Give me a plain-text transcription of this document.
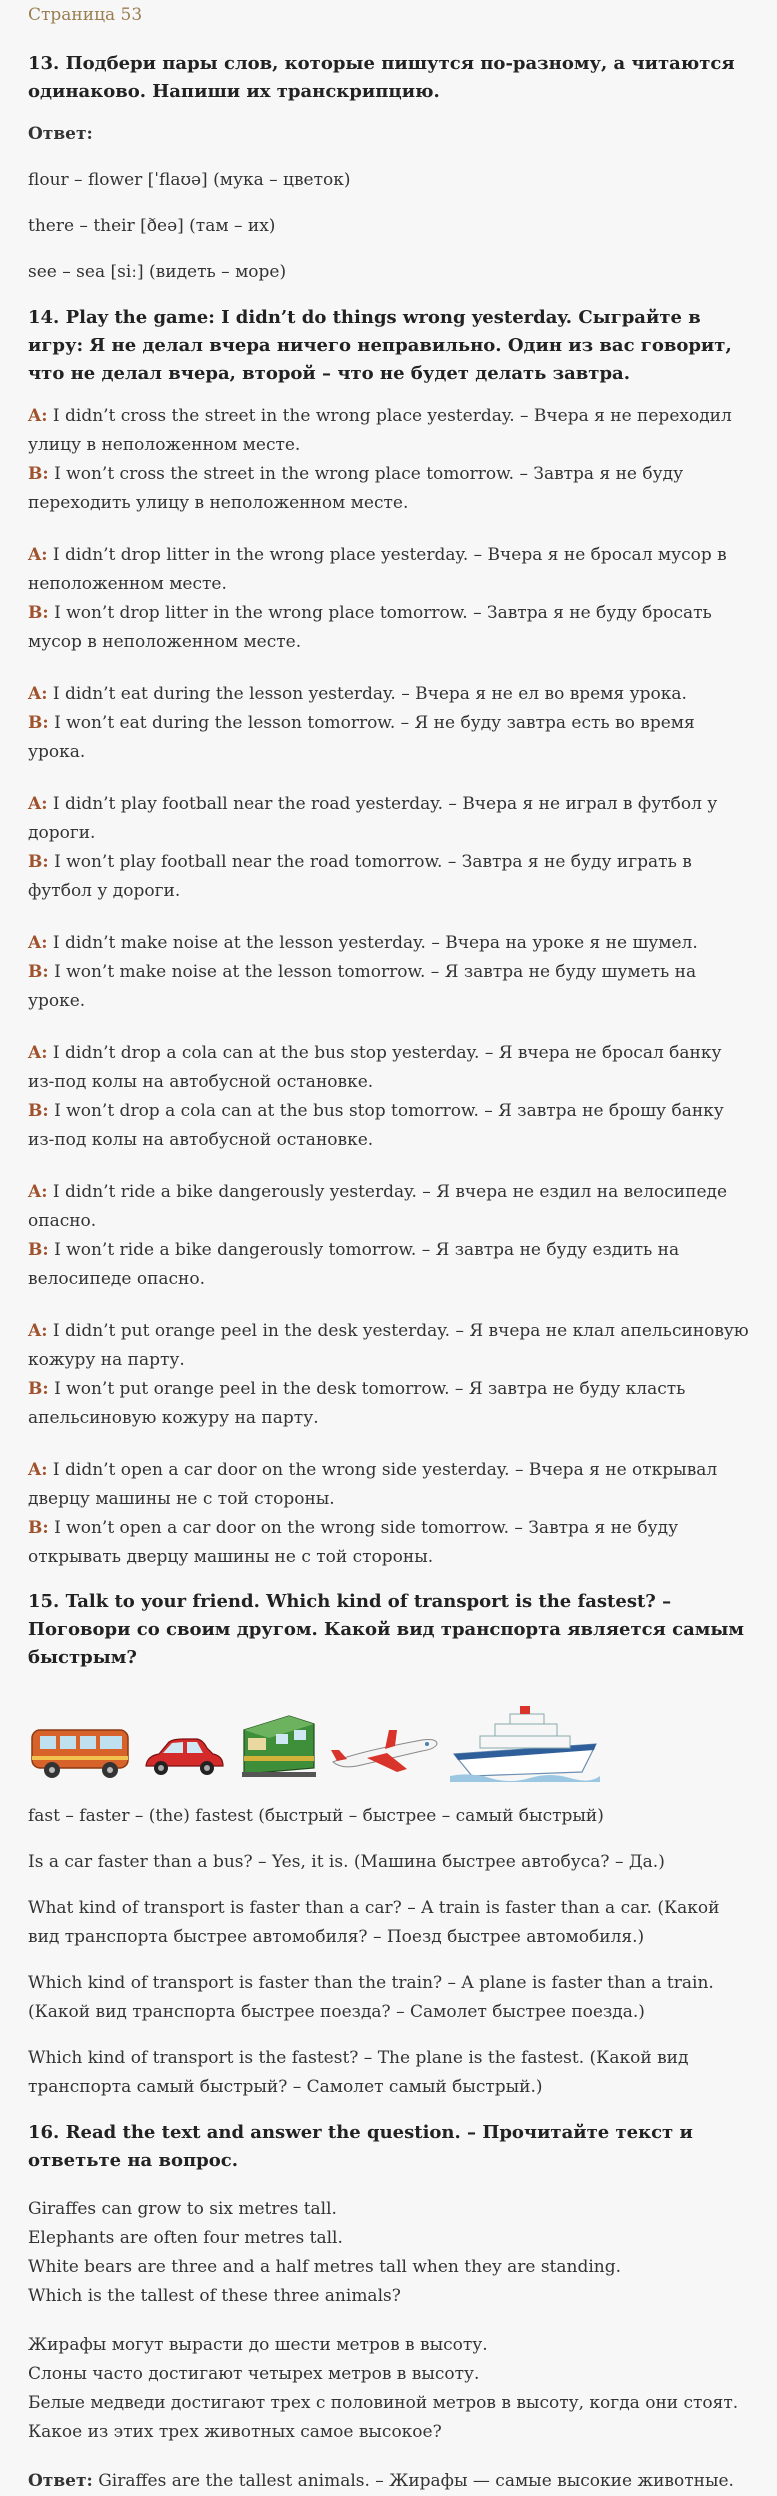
Страница 53
13. Подбери пары слов, которые пишутся по-разному, а читаются одинаково. Напиши их транскрипцию.

Ответ:

flour – flower [ˈflaʊə] (мука – цветок)

there – their [ðeə] (там – их)

see – sea [siː] (видеть – море)

14. Play the game: I didn’t do things wrong yesterday. Сыграйте в игру: Я не делал вчера ничего неправильно. Один из вас говорит, что не делал вчера, второй – что не будет делать завтра.
A: I didn’t cross the street in the wrong place yesterday. – Вчера я не переходил улицу в неположенном месте.
B: I won’t cross the street in the wrong place tomorrow. – Завтра я не буду переходить улицу в неположенном месте.
A: I didn’t drop litter in the wrong place yesterday. – Вчера я не бросал мусор в неположенном месте.
B: I won’t drop litter in the wrong place tomorrow. – Завтра я не буду бросать мусор в неположенном месте.
A: I didn’t eat during the lesson yesterday. – Вчера я не ел во время урока.
B: I won’t eat during the lesson tomorrow. – Я не буду завтра есть во время урока.
A: I didn’t play football near the road yesterday. – Вчера я не играл в футбол у дороги.
B: I won’t play football near the road tomorrow. – Завтра я не буду играть в футбол у дороги.
A: I didn’t make noise at the lesson yesterday. – Вчера на уроке я не шумел.
B: I won’t make noise at the lesson tomorrow. – Я завтра не буду шуметь на уроке.
A: I didn’t drop a cola can at the bus stop yesterday. – Я вчера не бросал банку из-под колы на автобусной остановке.
B: I won’t drop a cola can at the bus stop tomorrow. – Я завтра не брошу банку из-под колы на автобусной остановке.
A: I didn’t ride a bike dangerously yesterday. – Я вчера не ездил на велосипеде опасно.
B: I won’t ride a bike dangerously tomorrow. – Я завтра не буду ездить на велосипеде опасно.
A: I didn’t put orange peel in the desk yesterday. – Я вчера не клал апельсиновую кожуру на парту.
B: I won’t put orange peel in the desk tomorrow. – Я завтра не буду класть апельсиновую кожуру на парту.
A: I didn’t open a car door on the wrong side yesterday. – Вчера я не открывал дверцу машины не с той стороны.
B: I won’t open a car door on the wrong side tomorrow. – Завтра я не буду открывать дверцу машины не с той стороны.
15. Talk to your friend. Which kind of transport is the fastest? – Поговори со своим другом. Какой вид транспорта является самым быстрым?

fast – faster – (the) fastest (быстрый – быстрее – самый быстрый)

Is a car faster than a bus? – Yes, it is. (Машина быстрее автобуса? – Да.)

What kind of transport is faster than a car? – A train is faster than a car. (Какой вид транспорта быстрее автомобиля? – Поезд быстрее автомобиля.)

Which kind of transport is faster than the train? – A plane is faster than a train. (Какой вид транспорта быстрее поезда? – Самолет быстрее поезда.)

Which kind of transport is the fastest? – The plane is the fastest. (Какой вид транспорта самый быстрый? – Самолет самый быстрый.)

16. Read the text and answer the question. – Прочитайте текст и ответьте на вопрос.
Giraffes can grow to six metres tall.
Elephants are often four metres tall.
White bears are three and a half metres tall when they are standing.
Which is the tallest of these three animals?
Жирафы могут вырасти до шести метров в высоту.
Слоны часто достигают четырех метров в высоту.
Белые медведи достигают трех с половиной метров в высоту, когда они стоят.
Какое из этих трех животных самое высокое?

Ответ: Giraffes are the tallest animals. – Жирафы — самые высокие животные.
